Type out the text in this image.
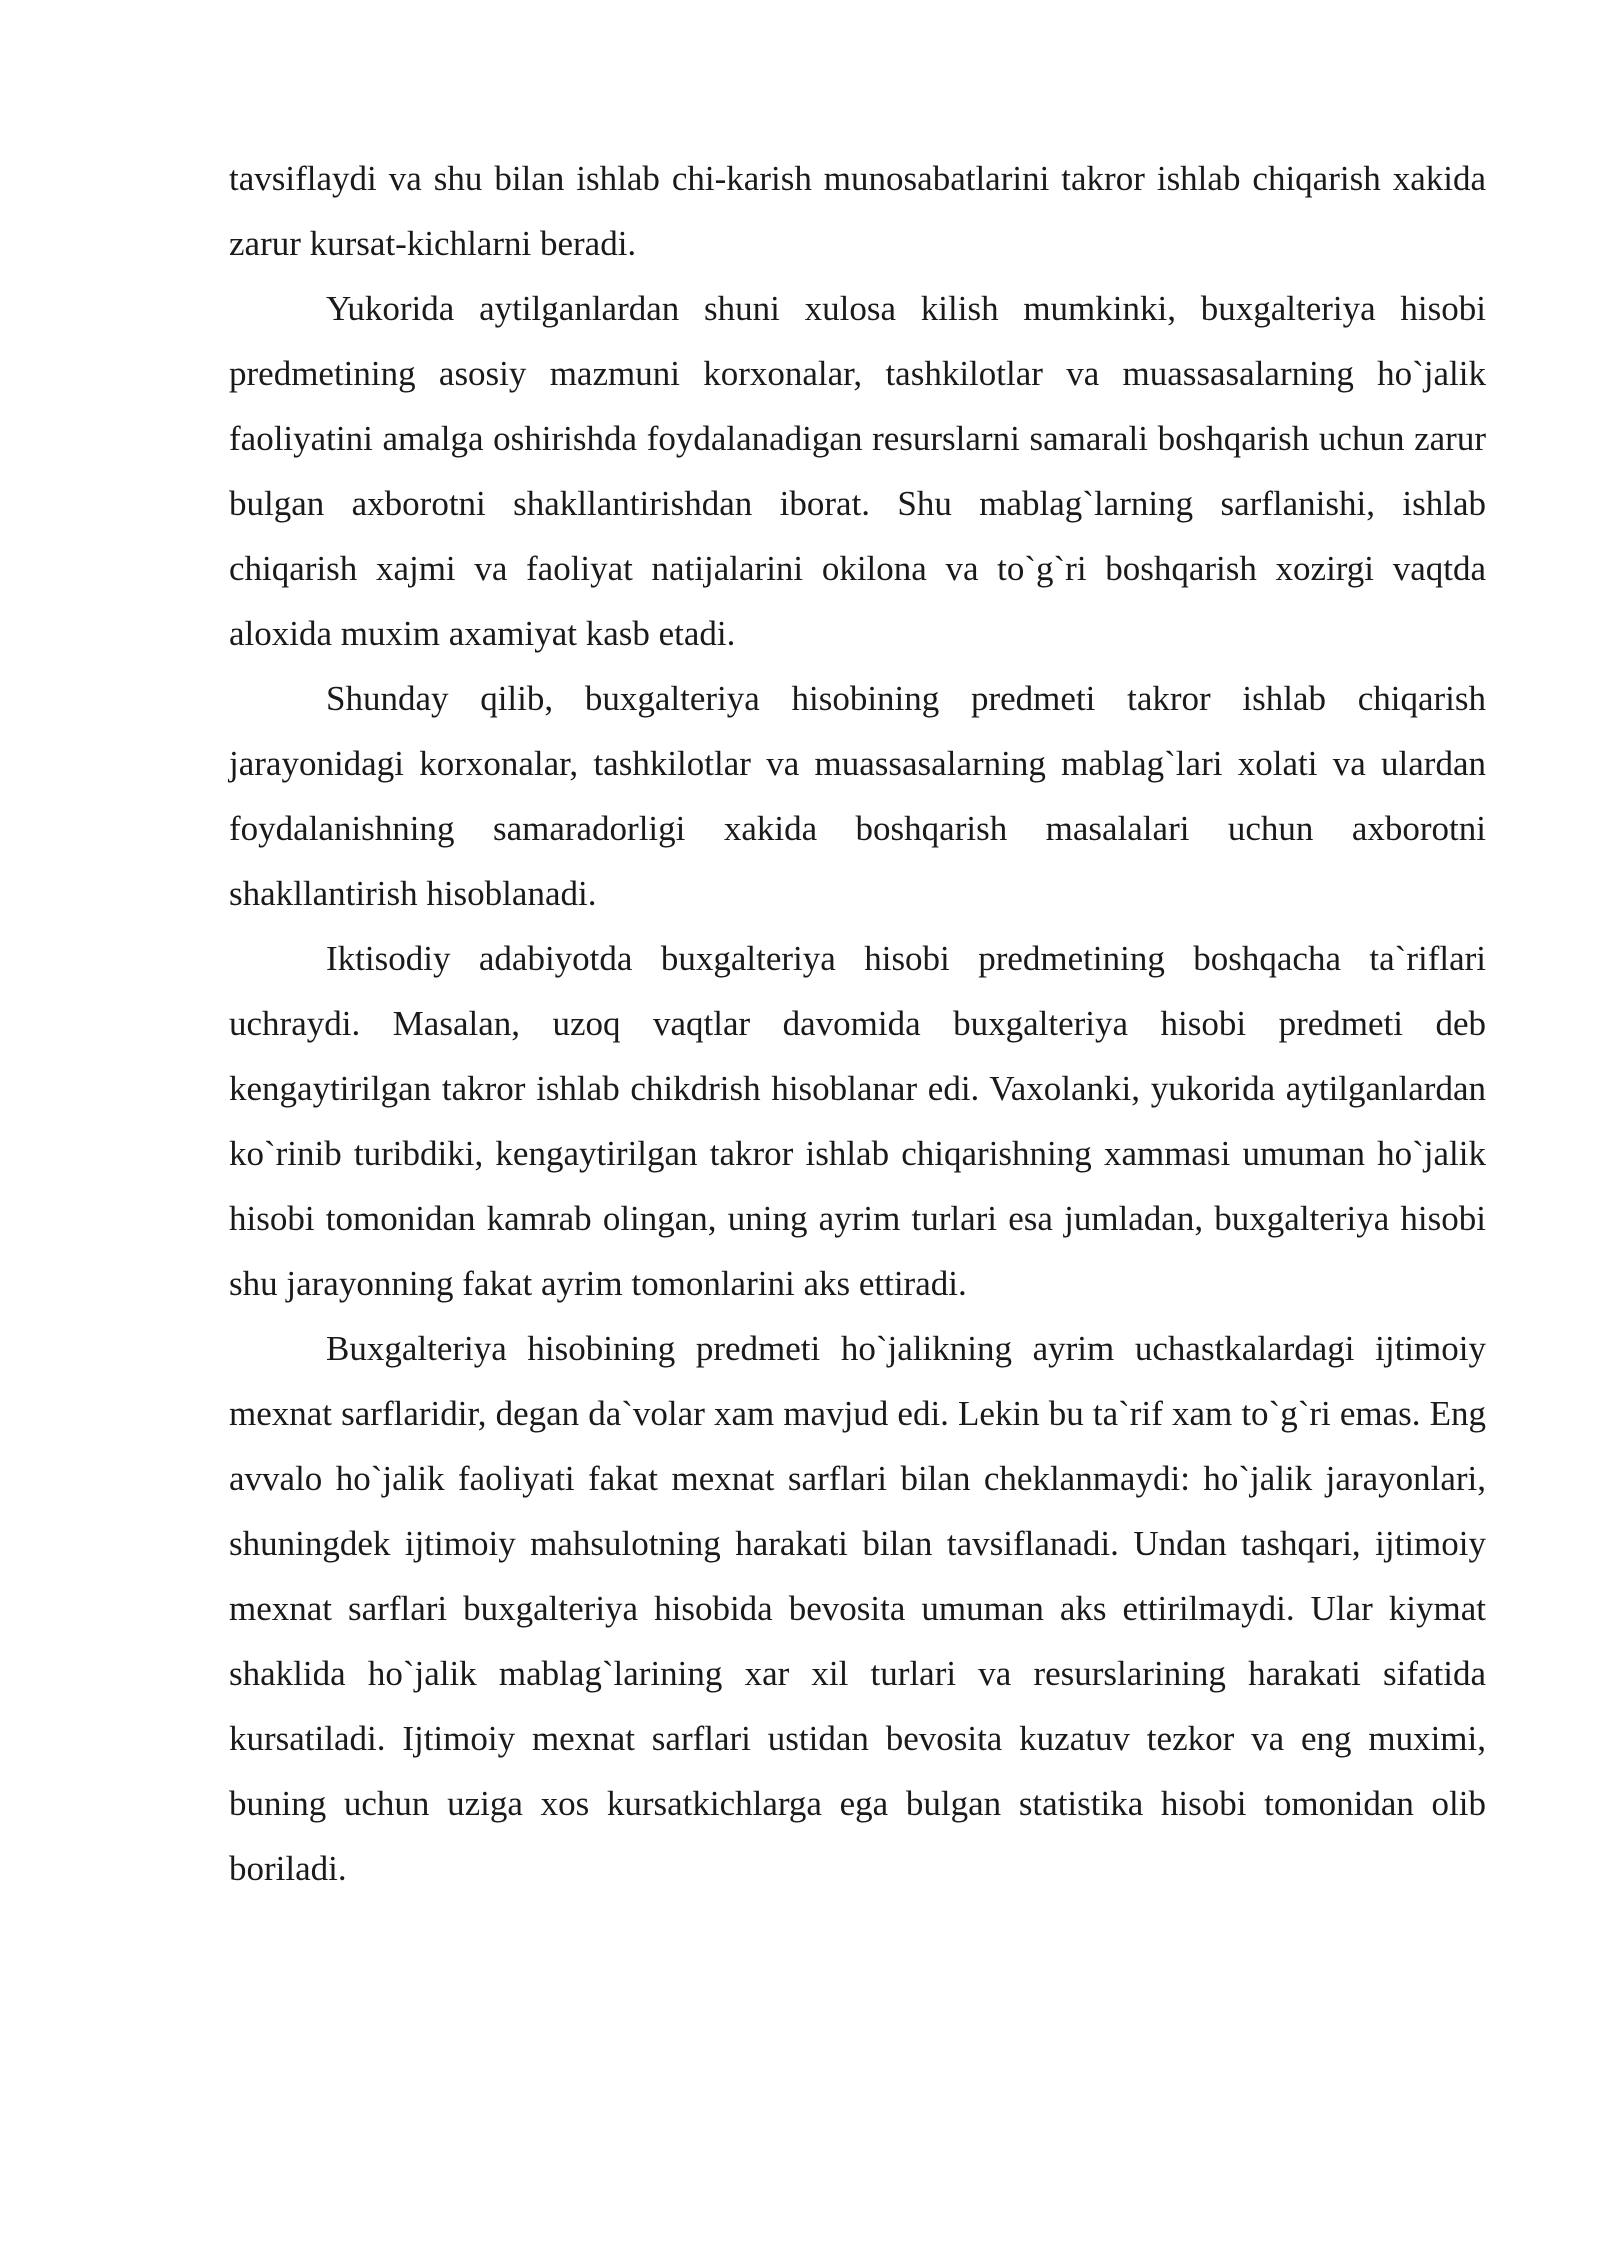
tavsiflaydi va shu bilan ishlab chi-karish munosabatlarini takror ishlab chiqarish xakida zarur kursat-kichlarni beradi.

Yukorida aytilganlardan shuni xulosa kilish mumkinki, buxgalteriya hisobi predmetining asosiy mazmuni korxonalar, tashkilotlar va muassasalarning ho`jalik faoliyatini amalga oshirishda foydalanadigan resurslarni samarali boshqarish uchun zarur bulgan axborotni shakllantirishdan iborat. Shu mablag`larning sarflanishi, ishlab chiqarish xajmi va faoliyat natijalarini okilona va to`g`ri boshqarish xozirgi vaqtda aloxida muxim axamiyat kasb etadi.

Shunday qilib, buxgalteriya hisobining predmeti takror ishlab chiqarish jarayonidagi korxonalar, tashkilotlar va muassasalarning mablag`lari xolati va ulardan foydalanishning samaradorligi xakida boshqarish masalalari uchun axborotni shakllantirish hisoblanadi.

Iktisodiy adabiyotda buxgalteriya hisobi predmetining boshqacha ta`riflari uchraydi. Masalan, uzoq vaqtlar davomida buxgalteriya hisobi predmeti deb kengaytirilgan takror ishlab chikdrish hisoblanar edi. Vaxolanki, yukorida aytilganlardan ko`rinib turibdiki, kengaytirilgan takror ishlab chiqarishning xammasi umuman ho`jalik hisobi tomonidan kamrab olingan, uning ayrim turlari esa jumladan, buxgalteriya hisobi shu jarayonning fakat ayrim tomonlarini aks ettiradi.

Buxgalteriya hisobining predmeti ho`jalikning ayrim uchastkalardagi ijtimoiy mexnat sarflaridir, degan da`volar xam mavjud edi. Lekin bu ta`rif xam to`g`ri emas. Eng avvalo ho`jalik faoliyati fakat mexnat sarflari bilan cheklanmaydi: ho`jalik jarayonlari, shuningdek ijtimoiy mahsulotning harakati bilan tavsiflanadi. Undan tashqari, ijtimoiy mexnat sarflari buxgalteriya hisobida bevosita umuman aks ettirilmaydi. Ular kiymat shaklida ho`jalik mablag`larining xar xil turlari va resurslarining harakati sifatida kursatiladi. Ijtimoiy mexnat sarflari ustidan bevosita kuzatuv tezkor va eng muximi, buning uchun uziga xos kursatkichlarga ega bulgan statistika hisobi tomonidan olib boriladi.
